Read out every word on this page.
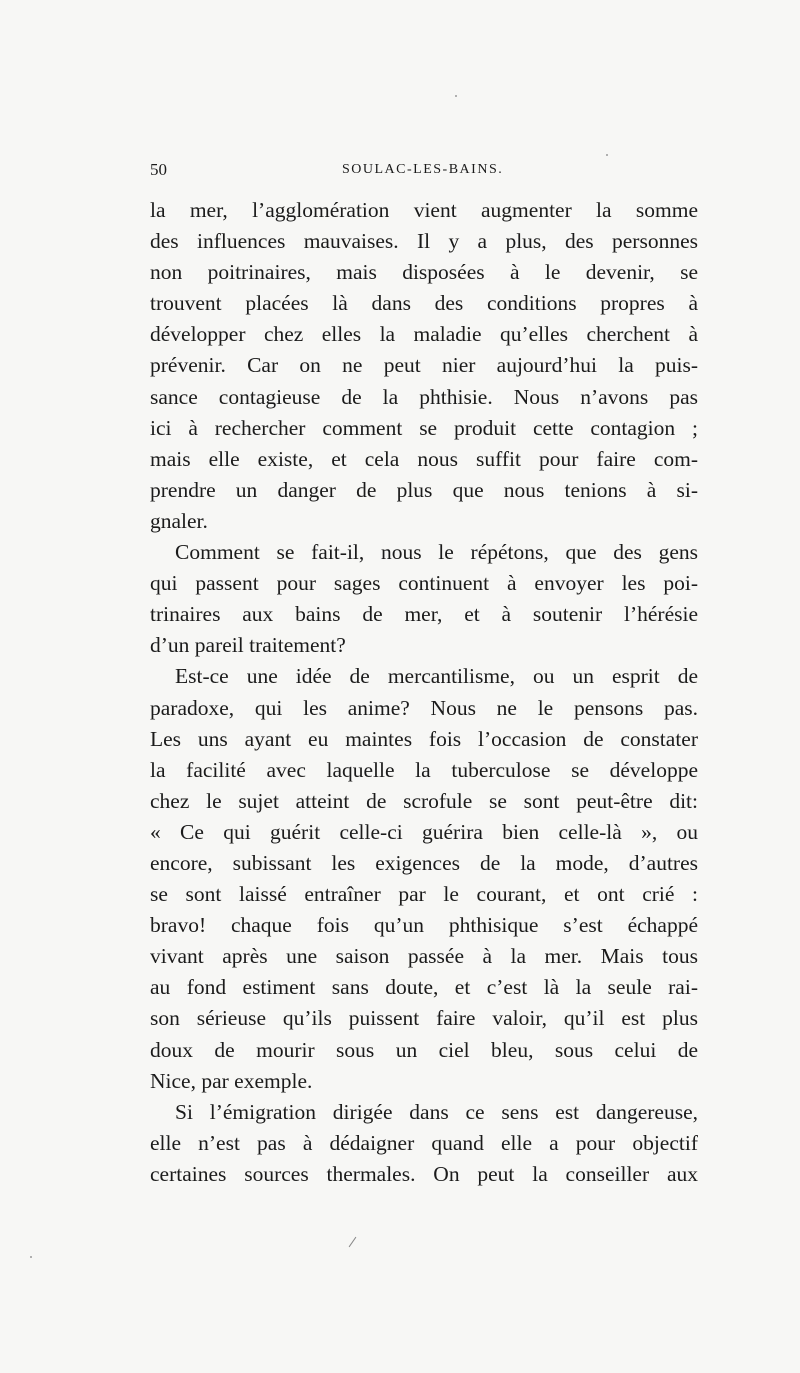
50	SOULAC-LES-BAINS.
la mer, l’agglomération vient augmenter la somme
des influences mauvaises. Il y a plus, des personnes
non poitrinaires, mais disposées à le devenir, se
trouvent placées là dans des conditions propres à
développer chez elles la maladie qu’elles cherchent à
prévenir. Car on ne peut nier aujourd’hui la puis-
sance contagieuse de la phthisie. Nous n’avons pas
ici à rechercher comment se produit cette contagion ;
mais elle existe, et cela nous suffit pour faire com-
prendre un danger de plus que nous tenions à si-
gnaler.
Comment se fait-il, nous le répétons, que des gens
qui passent pour sages continuent à envoyer les poi-
trinaires aux bains de mer, et à soutenir l’hérésie
d’un pareil traitement?
Est-ce une idée de mercantilisme, ou un esprit de
paradoxe, qui les anime? Nous ne le pensons pas.
Les uns ayant eu maintes fois l’occasion de constater
la facilité avec laquelle la tuberculose se développe
chez le sujet atteint de scrofule se sont peut-être dit:
« Ce qui guérit celle-ci guérira bien celle-là », ou
encore, subissant les exigences de la mode, d’autres
se sont laissé entraîner par le courant, et ont crié :
bravo! chaque fois qu’un phthisique s’est échappé
vivant après une saison passée à la mer. Mais tous
au fond estiment sans doute, et c’est là la seule rai-
son sérieuse qu’ils puissent faire valoir, qu’il est plus
doux de mourir sous un ciel bleu, sous celui de
Nice, par exemple.
Si l’émigration dirigée dans ce sens est dangereuse,
elle n’est pas à dédaigner quand elle a pour objectif
certaines sources thermales. On peut la conseiller aux
